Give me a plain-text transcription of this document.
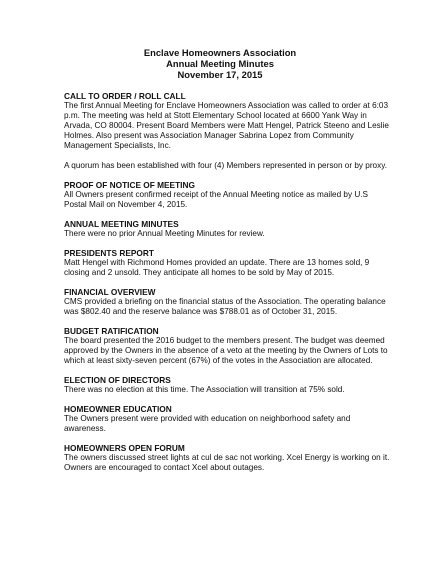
Enclave Homeowners Association
Annual Meeting Minutes
November 17, 2015

CALL TO ORDER / ROLL CALL

The first Annual Meeting for Enclave Homeowners Association was called to order at 6:03 p.m. The meeting was held at Stott Elementary School located at 6600 Yank Way in Arvada, CO 80004. Present Board Members were Matt Hengel, Patrick Steeno and Leslie Holmes. Also present was Association Manager Sabrina Lopez from Community Management Specialists, Inc.

A quorum has been established with four (4) Members represented in person or by proxy.

PROOF OF NOTICE OF MEETING

All Owners present confirmed receipt of the Annual Meeting notice as mailed by U.S Postal Mail on November 4, 2015.

ANNUAL MEETING MINUTES

There were no prior Annual Meeting Minutes for review.

PRESIDENTS REPORT

Matt Hengel with Richmond Homes provided an update. There are 13 homes sold, 9 closing and 2 unsold. They anticipate all homes to be sold by May of 2015.

FINANCIAL OVERVIEW

CMS provided a briefing on the financial status of the Association. The operating balance was $802.40 and the reserve balance was $788.01 as of October 31, 2015.

BUDGET RATIFICATION

The board presented the 2016 budget to the members present. The budget was deemed approved by the Owners in the absence of a veto at the meeting by the Owners of Lots to which at least sixty-seven percent (67%) of the votes in the Association are allocated.

ELECTION OF DIRECTORS

There was no election at this time. The Association will transition at 75% sold.

HOMEOWNER EDUCATION

The Owners present were provided with education on neighborhood safety and awareness.

HOMEOWNERS OPEN FORUM

The owners discussed street lights at cul de sac not working. Xcel Energy is working on it. Owners are encouraged to contact Xcel about outages.
